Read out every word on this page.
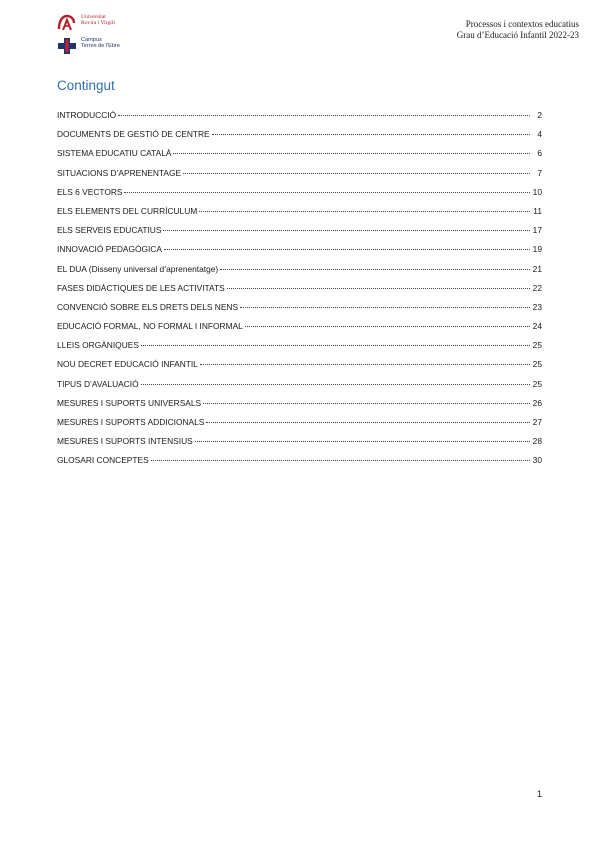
Universitat
Rovira i Virgili
Campus
Terres de l'Ebre
Processos i contextos educatius
Grau d’Educació Infantil 2022-23
Contingut
INTRODUCCIÓ	2
DOCUMENTS DE GESTIÓ DE CENTRE	4
SISTEMA EDUCATIU CATALÀ	6
SITUACIONS D’APRENENTAGE	7
ELS 6 VECTORS	10
ELS ELEMENTS DEL CURRÍCULUM	11
ELS SERVEIS EDUCATIUS	17
INNOVACIÓ PEDAGÒGICA	19
EL DUA (Disseny universal d’aprenentatge)	21
FASES DIDÀCTIQUES DE LES ACTIVITATS	22
CONVENCIÓ SOBRE ELS DRETS DELS NENS	23
EDUCACIÓ FORMAL, NO FORMAL I INFORMAL	24
LLEIS ORGÀNIQUES	25
NOU DECRET EDUCACIÓ INFANTIL	25
TIPUS D’AVALUACIÓ	25
MESURES I SUPORTS UNIVERSALS	26
MESURES I SUPORTS ADDICIONALS	27
MESURES I SUPORTS INTENSIUS	28
GLOSARI CONCEPTES	30
1
